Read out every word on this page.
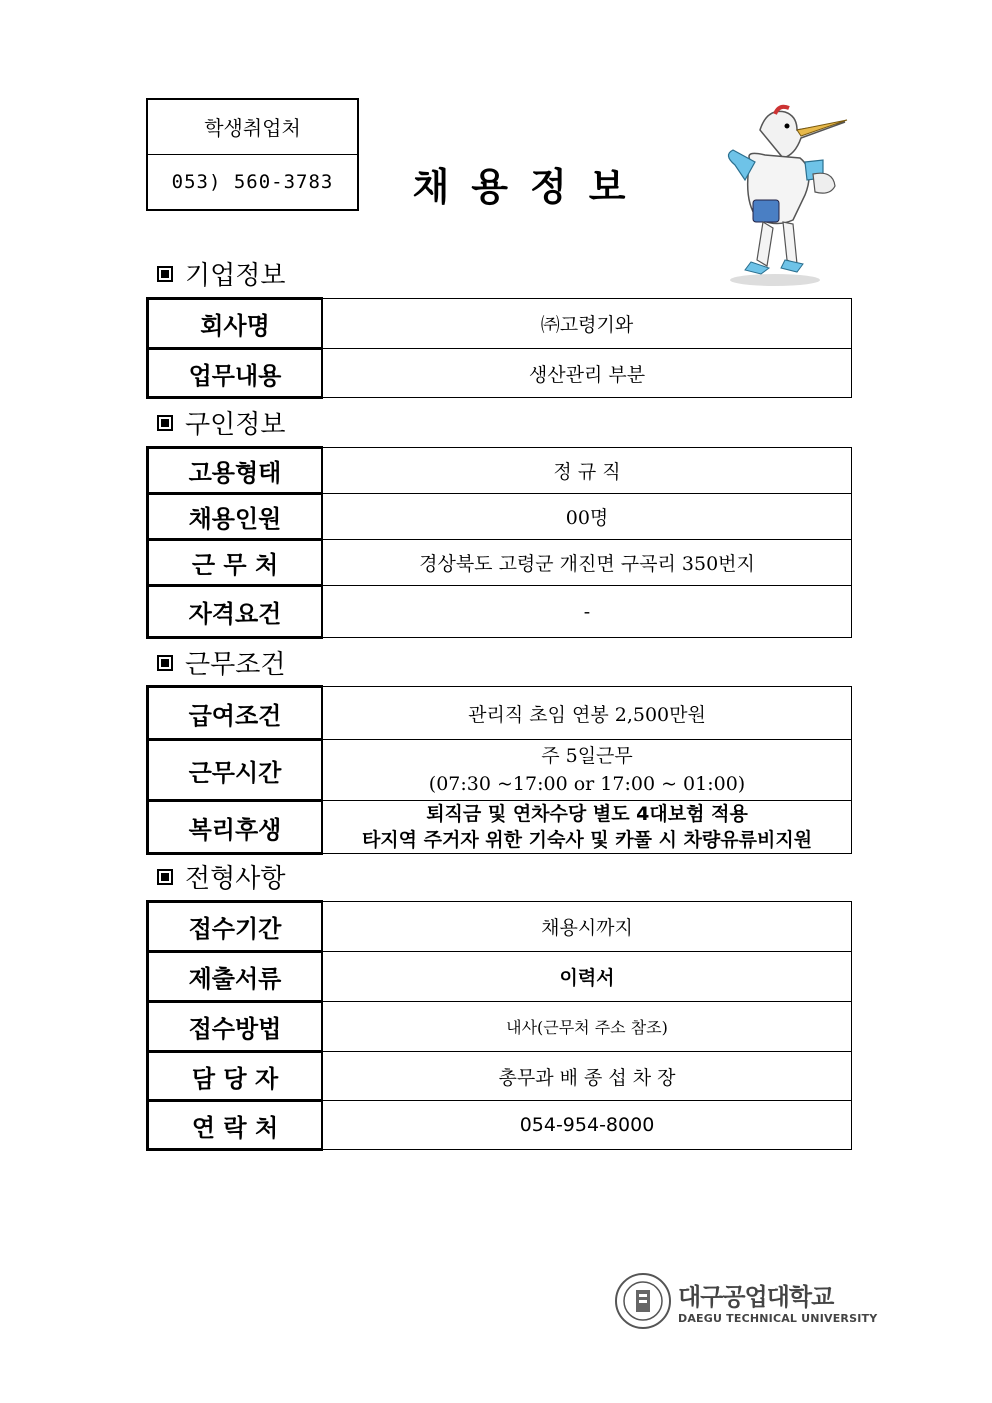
학생취업처
053) 560-3783	채용정보
기업정보
회사명	㈜고령기와
업무내용	생산관리 부분
구인정보
고용형태	정 규 직
채용인원	00명
근 무 처	경상북도 고령군 개진면 구곡리 350번지
자격요건	-
근무조건
급여조건	관리직 초임 연봉 2,500만원
근무시간	주 5일근무
(07:30 ~17:00 or 17:00 ~ 01:00)

복리후생	퇴직금 및 연차수당 별도 4대보험 적용
타지역 주거자 위한 기숙사 및 카풀 시 차량유류비지원
전형사항
접수기간	채용시까지
제출서류	이력서
접수방법	내사(근무처 주소 참조)
담 당 자	총무과 배 종 섭 차 장
연 락 처	054-954-8000
대구공업대학교
DAEGU TECHNICAL UNIVERSITY
